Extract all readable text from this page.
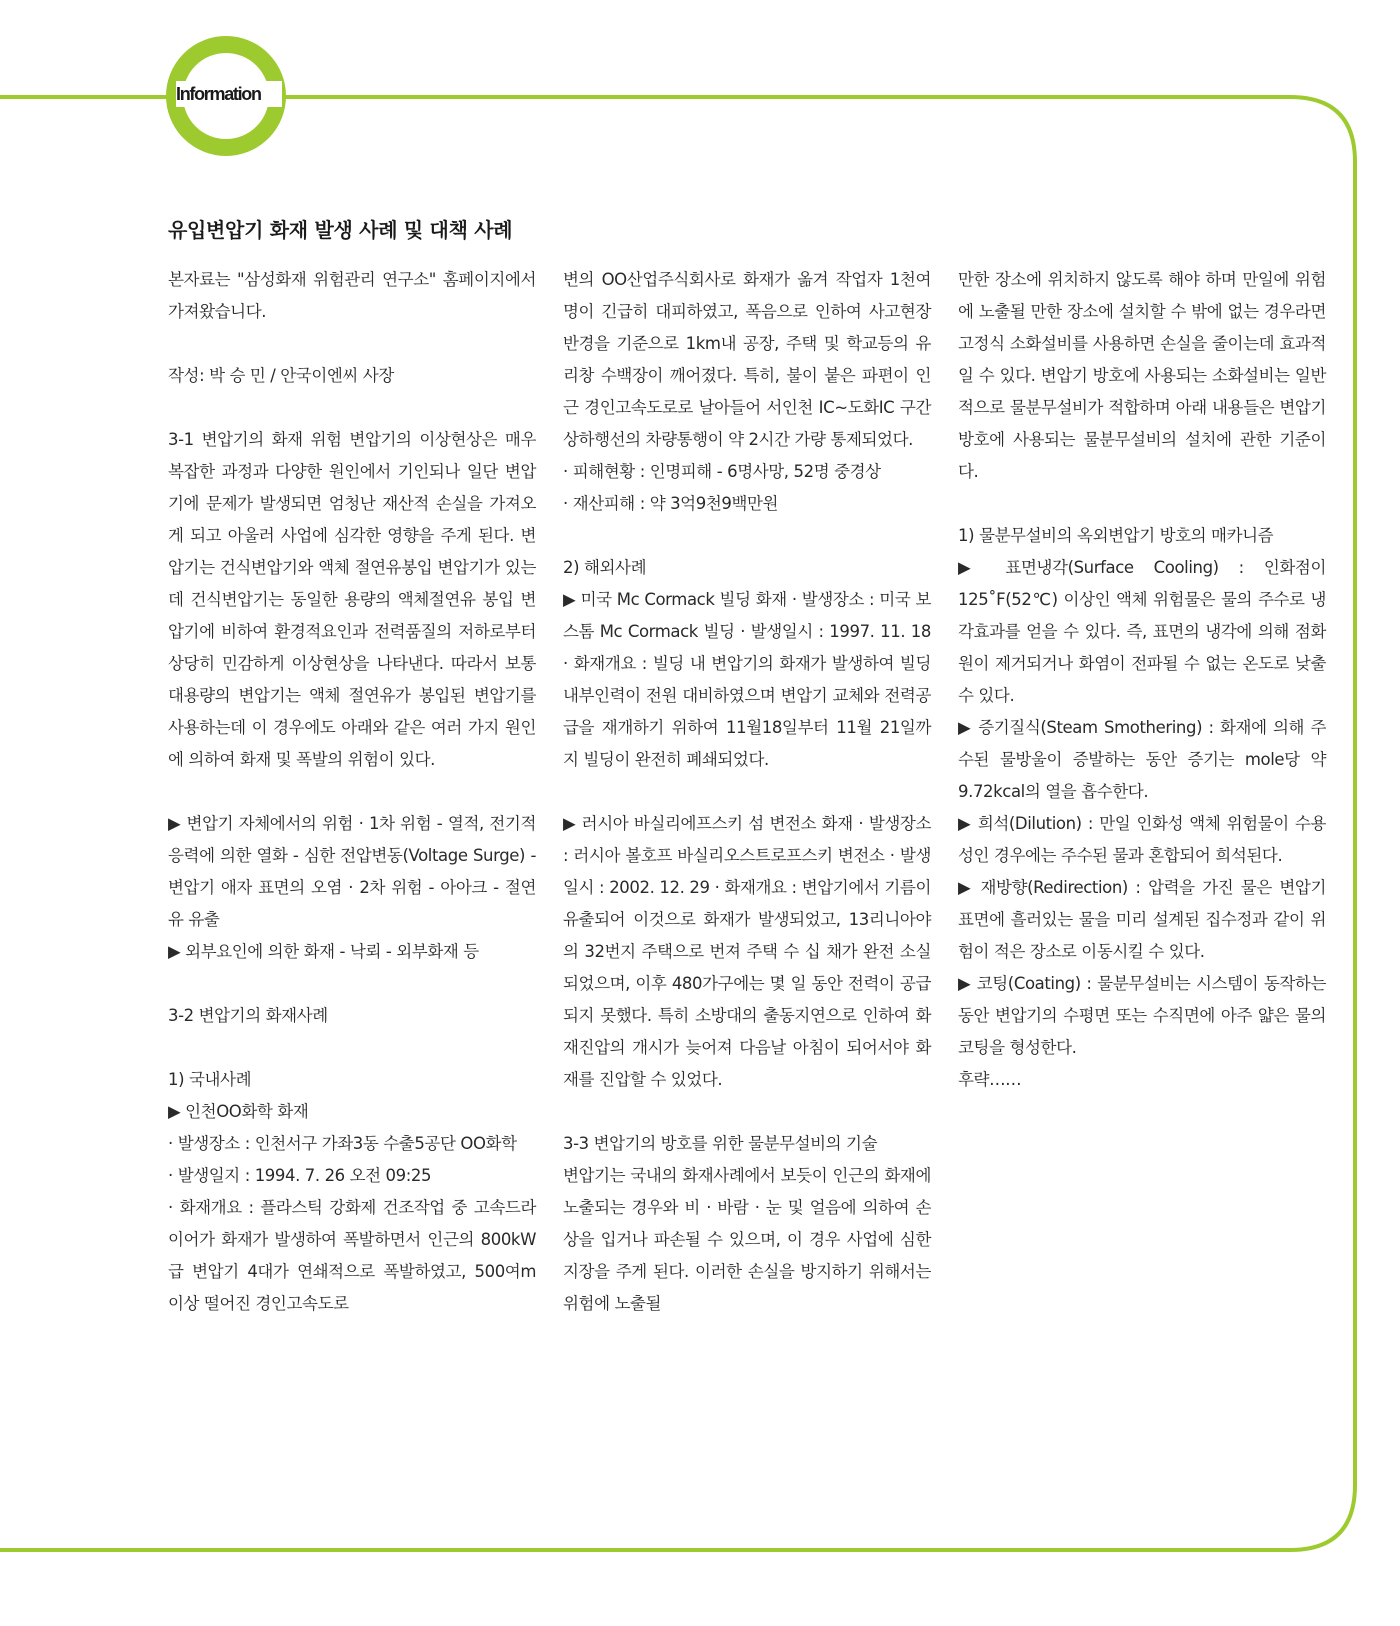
Information
유입변압기 화재 발생 사례 및 대책 사례

본자료는 "삼성화재 위험관리 연구소" 홈페이지에서 가져왔습니다.

작성: 박 승 민 / 안국이엔씨 사장

3-1 변압기의 화재 위험 변압기의 이상현상은 매우 복잡한 과정과 다양한 원인에서 기인되나 일단 변압기에 문제가 발생되면 엄청난 재산적 손실을 가져오게 되고 아울러 사업에 심각한 영향을 주게 된다. 변압기는 건식변압기와 액체 절연유봉입 변압기가 있는데 건식변압기는 동일한 용량의 액체절연유 봉입 변압기에 비하여 환경적요인과 전력품질의 저하로부터 상당히 민감하게 이상현상을 나타낸다. 따라서 보통 대용량의 변압기는 액체 절연유가 봉입된 변압기를 사용하는데 이 경우에도 아래와 같은 여러 가지 원인에 의하여 화재 및 폭발의 위험이 있다.

▶ 변압기 자체에서의 위험 · 1차 위험 - 열적, 전기적 응력에 의한 열화 - 심한 전압변동(Voltage Surge) - 변압기 애자 표면의 오염 · 2차 위험 - 아아크 - 절연유 유출

▶ 외부요인에 의한 화재 - 낙뢰 - 외부화재 등

3-2 변압기의 화재사례

1) 국내사례

▶ 인천OO화학 화재

· 발생장소 : 인천서구 가좌3동 수출5공단 OO화학

· 발생일지 : 1994. 7. 26 오전 09:25

· 화재개요 : 플라스틱 강화제 건조작업 중 고속드라이어가 화재가 발생하여 폭발하면서 인근의 800kW급 변압기 4대가 연쇄적으로 폭발하였고, 500여m 이상 떨어진 경인고속도로

변의 OO산업주식회사로 화재가 옮겨 작업자 1천여 명이 긴급히 대피하였고, 폭음으로 인하여 사고현장 반경을 기준으로 1km내 공장, 주택 및 학교등의 유리창 수백장이 깨어졌다. 특히, 불이 붙은 파편이 인근 경인고속도로로 날아들어 서인천 IC~도화IC 구간 상하행선의 차량통행이 약 2시간 가량 통제되었다.

· 피해현황 : 인명피해 - 6명사망, 52명 중경상

· 재산피해 : 약 3억9천9백만원

2) 해외사례

▶ 미국 Mc Cormack 빌딩 화재 · 발생장소 : 미국 보스톰 Mc Cormack 빌딩 · 발생일시 : 1997. 11. 18 · 화재개요 : 빌딩 내 변압기의 화재가 발생하여 빌딩 내부인력이 전원 대비하였으며 변압기 교체와 전력공급을 재개하기 위하여 11월18일부터 11월 21일까지 빌딩이 완전히 폐쇄되었다.

▶ 러시아 바실리에프스키 섬 변전소 화재 · 발생장소 : 러시아 볼호프 바실리오스트로프스키 변전소 · 발생일시 : 2002. 12. 29 · 화재개요 : 변압기에서 기름이 유출되어 이것으로 화재가 발생되었고, 13리니아야의 32번지 주택으로 번져 주택 수 십 채가 완전 소실되었으며, 이후 480가구에는 몇 일 동안 전력이 공급되지 못했다. 특히 소방대의 출동지연으로 인하여 화재진압의 개시가 늦어져 다음날 아침이 되어서야 화재를 진압할 수 있었다.

3-3 변압기의 방호를 위한 물분무설비의 기술

변압기는 국내의 화재사례에서 보듯이 인근의 화재에 노출되는 경우와 비 · 바람 · 눈 및 얼음에 의하여 손상을 입거나 파손될 수 있으며, 이 경우 사업에 심한 지장을 주게 된다. 이러한 손실을 방지하기 위해서는 위험에 노출될

만한 장소에 위치하지 않도록 해야 하며 만일에 위험에 노출될 만한 장소에 설치할 수 밖에 없는 경우라면 고정식 소화설비를 사용하면 손실을 줄이는데 효과적일 수 있다. 변압기 방호에 사용되는 소화설비는 일반적으로 물분무설비가 적합하며 아래 내용들은 변압기 방호에 사용되는 물분무설비의 설치에 관한 기준이다.

1) 물분무설비의 옥외변압기 방호의 매카니즘

▶ 표면냉각(Surface Cooling) : 인화점이 125˚F(52℃) 이상인 액체 위험물은 물의 주수로 냉각효과를 얻을 수 있다. 즉, 표면의 냉각에 의해 점화원이 제거되거나 화염이 전파될 수 없는 온도로 낮출 수 있다.

▶ 증기질식(Steam Smothering) : 화재에 의해 주수된 물방울이 증발하는 동안 증기는 mole당 약 9.72kcal의 열을 흡수한다.

▶ 희석(Dilution) : 만일 인화성 액체 위험물이 수용성인 경우에는 주수된 물과 혼합되어 희석된다.

▶ 재방향(Redirection) : 압력을 가진 물은 변압기 표면에 흘러있는 물을 미리 설계된 집수정과 같이 위험이 적은 장소로 이동시킬 수 있다.

▶ 코팅(Coating) : 물분무설비는 시스템이 동작하는 동안 변압기의 수평면 또는 수직면에 아주 얇은 물의 코팅을 형성한다.

후략……
